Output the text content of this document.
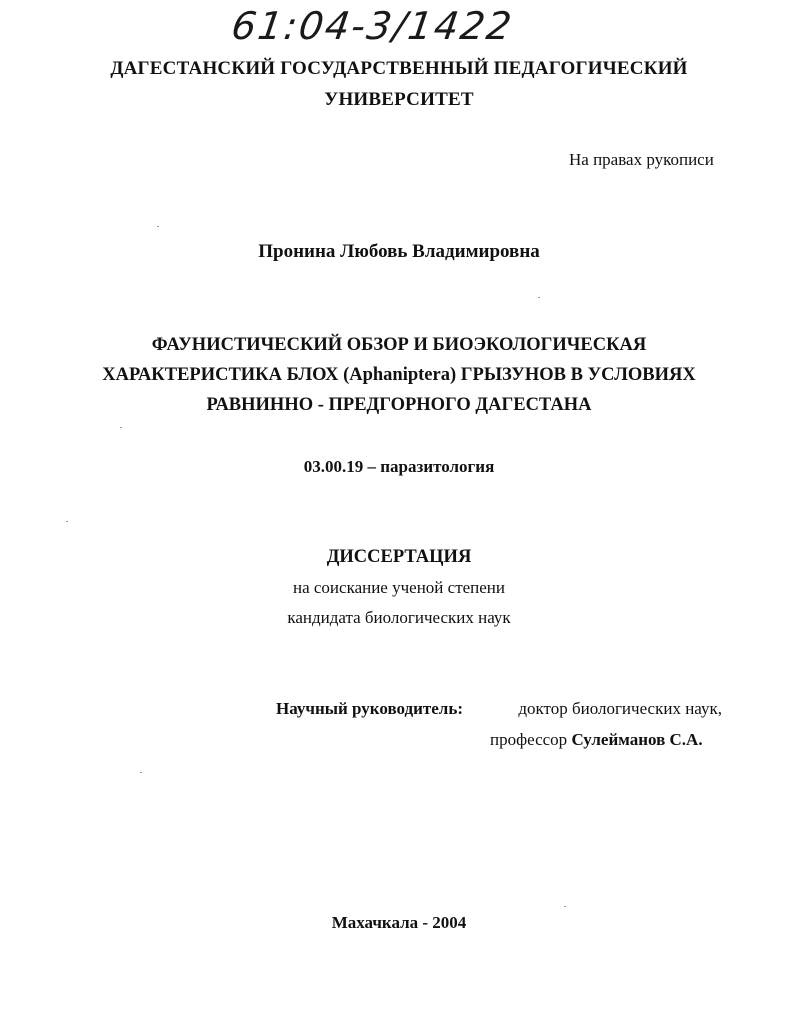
61:04-3/1422
ДАГЕСТАНСКИЙ ГОСУДАРСТВЕННЫЙ ПЕДАГОГИЧЕСКИЙ
УНИВЕРСИТЕТ
На правах рукописи
Пронина Любовь Владимировна
ФАУНИСТИЧЕСКИЙ ОБЗОР И БИОЭКОЛОГИЧЕСКАЯ
ХАРАКТЕРИСТИКА БЛОХ (Aphaniptera) ГРЫЗУНОВ В УСЛОВИЯХ
РАВНИННО - ПРЕДГОРНОГО ДАГЕСТАНА
03.00.19 – паразитология
ДИССЕРТАЦИЯ
на соискание ученой степени
кандидата биологических наук
Научный руководитель:	доктор биологических наук,
профессор Сулейманов С.А.
Махачкала - 2004
